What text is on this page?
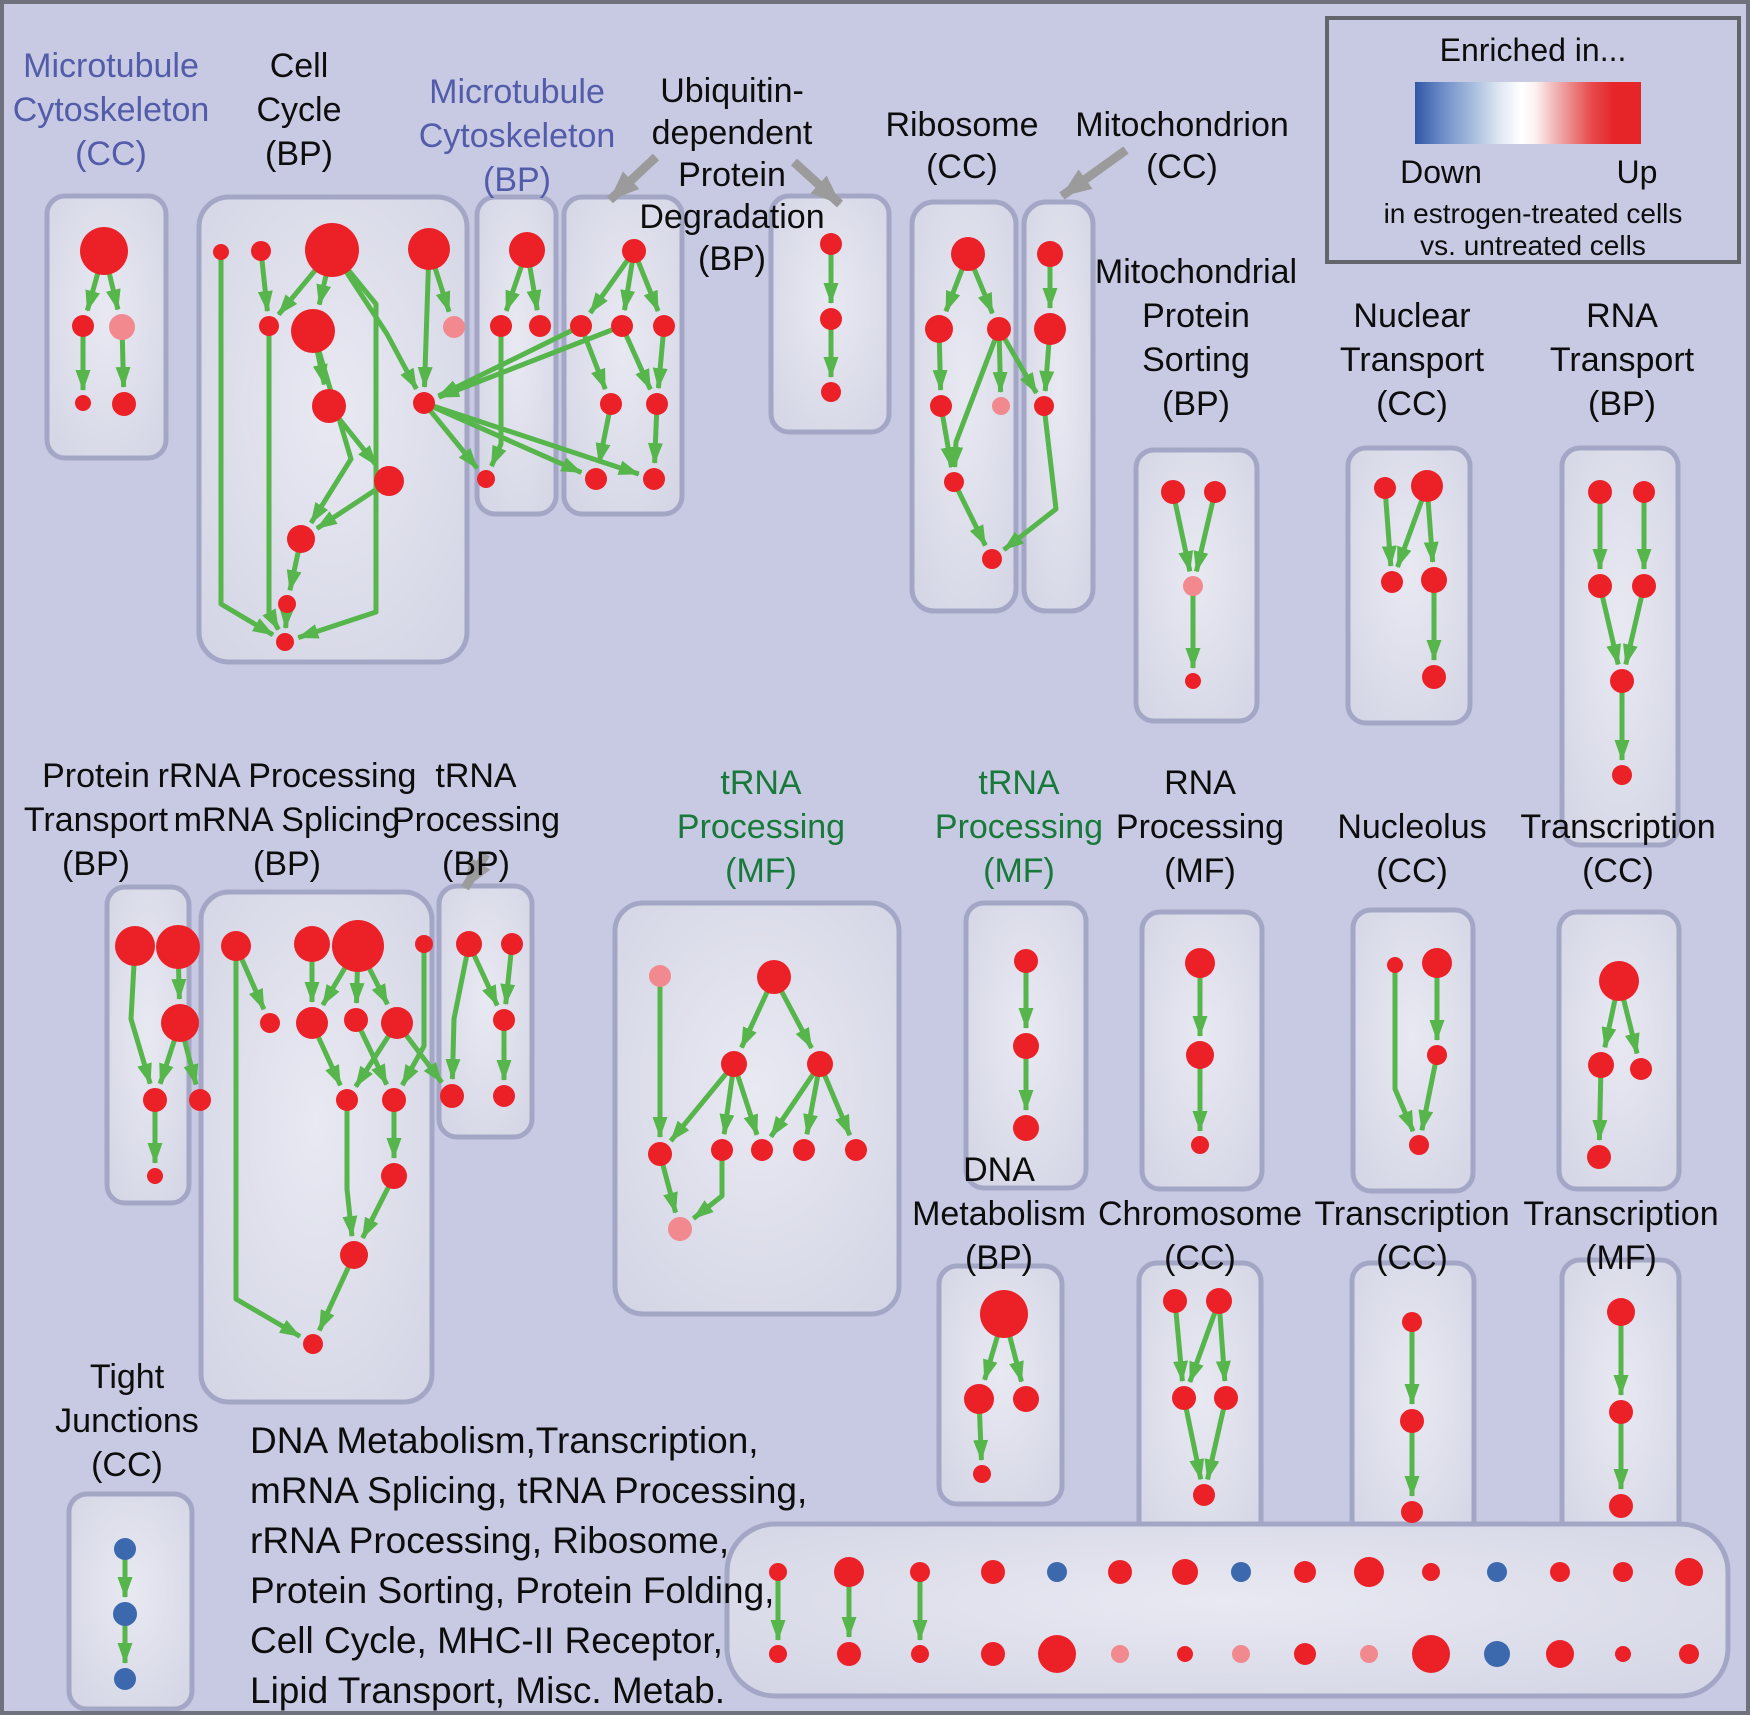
Microtubule
Cytoskeleton
(CC)
Cell
Cycle
(BP)
Microtubule
Cytoskeleton
(BP)
Ubiquitin-
dependent
Protein
Degradation
(BP)
Ribosome
(CC)
Mitochondrion
(CC)
Mitochondrial
Protein
Sorting
(BP)
Nuclear
Transport
(CC)
RNA
Transport
(BP)
Protein
Transport
(BP)
rRNA Processing
mRNA Splicing
(BP)
tRNA
Processing
(BP)
tRNA
Processing
(MF)
tRNA
Processing
(MF)
RNA
Processing
(MF)
Nucleolus
(CC)
Transcription
(CC)
DNA
Metabolism
(BP)
Chromosome
(CC)
Transcription
(CC)
Transcription
(MF)
Tight
Junctions
(CC)
Enriched in...
Down	Up
in estrogen-treated cells
vs. untreated cells
DNA Metabolism,Transcription,
mRNA Splicing, tRNA Processing,
rRNA Processing, Ribosome,
Protein Sorting, Protein Folding,
Cell Cycle, MHC-II Receptor,
Lipid Transport, Misc. Metab.
